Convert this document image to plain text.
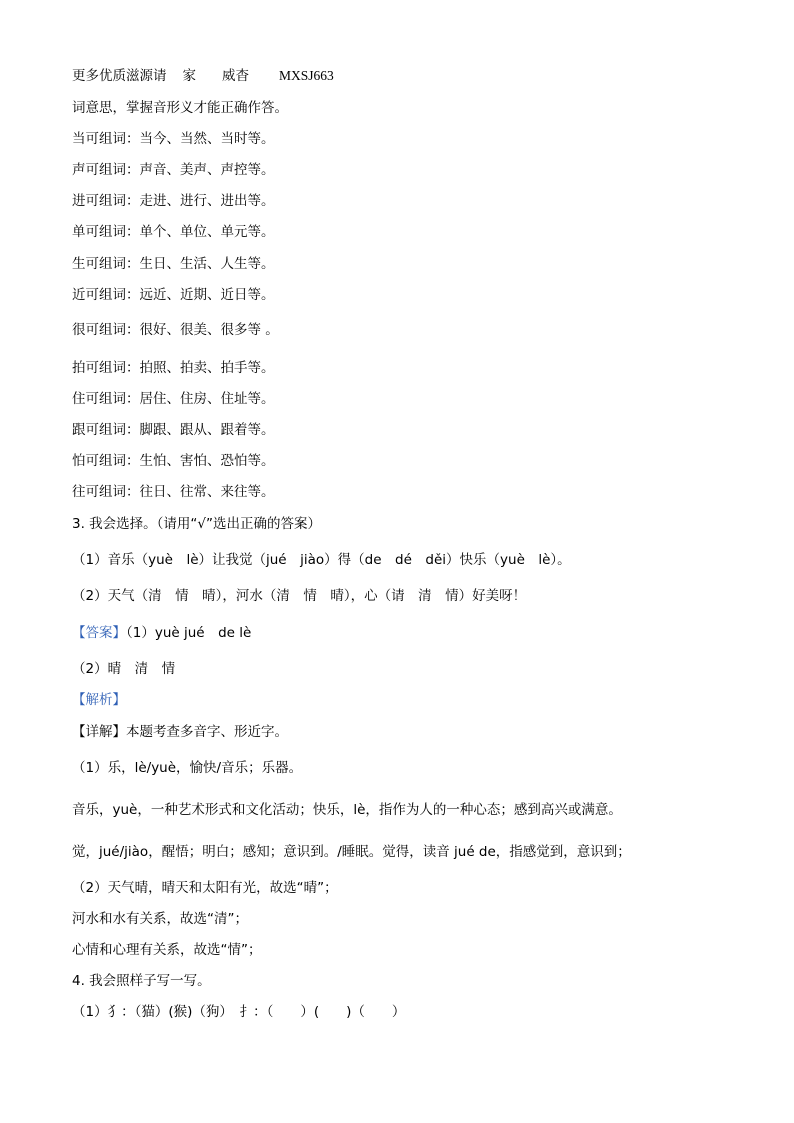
更多优质滋源请 家 威杳 MXSJ663
词意思，掌握音形义才能正确作答。
当可组词：当今、当然、当时等。
声可组词：声音、美声、声控等。
进可组词：走进、进行、进出等。
单可组词：单个、单位、单元等。
生可组词：生日、生活、人生等。
近可组词：远近、近期、近日等。
很可组词：很好、很美、很多等 。
拍可组词：拍照、拍卖、拍手等。
住可组词：居住、住房、住址等。
跟可组词：脚跟、跟从、跟着等。
怕可组词：生怕、害怕、恐怕等。
往可组词：往日、往常、来往等。
3. 我会选择。（请用“√”选出正确的答案）
（1）音乐（yuè　lè）让我觉（jué　jiào）得（de　dé　děi）快乐（yuè　lè）。
（2）天气（清　情　晴），河水（清　情　晴），心（请　清　情）好美呀！
【答案】（1）yuè jué　de lè
（2）晴　清　情
【解析】
【详解】本题考查多音字、形近字。
（1）乐，lè/yuè，愉快/音乐；乐器。
音乐，yuè，一种艺术形式和文化活动；快乐，lè，指作为人的一种心态；感到高兴或满意。
觉，jué/jiào，醒悟；明白；感知；意识到。/睡眠。觉得，读音 jué de，指感觉到，意识到；
（2）天气晴，晴天和太阳有光，故选“晴”；
河水和水有关系，故选“清”；
心情和心理有关系，故选“情”；
4. 我会照样子写一写。
（1）犭：（猫）(猴)（狗）　扌：（　　）(　　)（　　）
